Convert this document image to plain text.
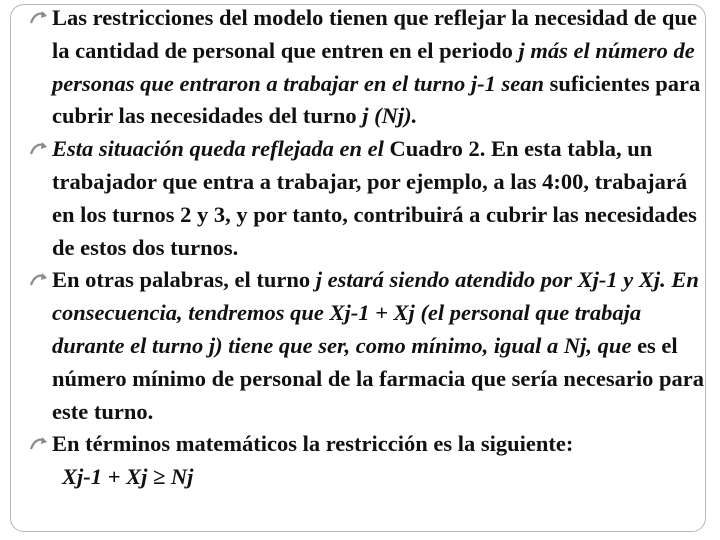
Las restricciones del modelo tienen que reflejar la necesidad de que la cantidad de personal que entren en el periodo j más el número de personas que entraron a trabajar en el turno j-1 sean suficientes para cubrir las necesidades del turno j (Nj).

Esta situación queda reflejada en el Cuadro 2. En esta tabla, un trabajador que entra a trabajar, por ejemplo, a las 4:00, trabajará en los turnos 2 y 3, y por tanto, contribuirá a cubrir las necesidades de estos dos turnos.

En otras palabras, el turno j estará siendo atendido por Xj-1 y Xj. En consecuencia, tendremos que Xj-1 + Xj (el personal que trabaja durante el turno j) tiene que ser, como mínimo, igual a Nj, que es el número mínimo de personal de la farmacia que sería necesario para este turno.

En términos matemáticos la restricción es la siguiente:

Xj-1 + Xj ≥ Nj
